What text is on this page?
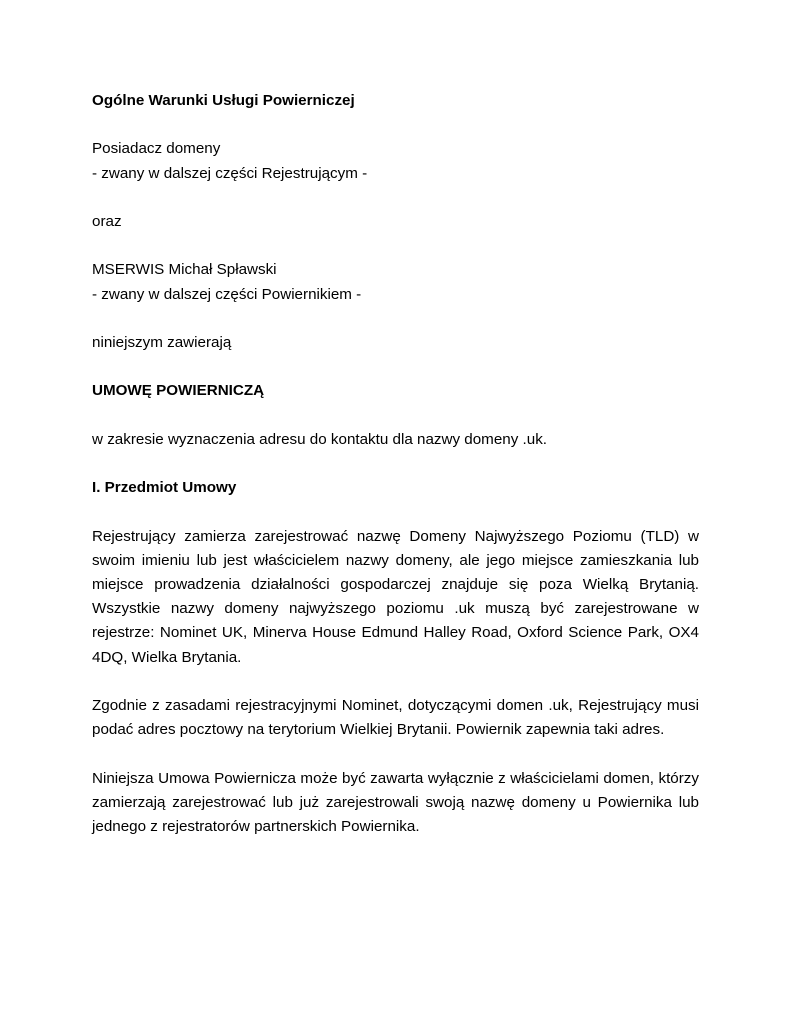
Ogólne Warunki Usługi Powierniczej

Posiadacz domeny

- zwany w dalszej części Rejestrującym -

oraz

MSERWIS Michał Spławski

- zwany w dalszej części Powiernikiem -

niniejszym zawierają

UMOWĘ POWIERNICZĄ

w zakresie wyznaczenia adresu do kontaktu dla nazwy domeny .uk.

I. Przedmiot Umowy

Rejestrujący zamierza zarejestrować nazwę Domeny Najwyższego Poziomu (TLD) w swoim imieniu lub jest właścicielem nazwy domeny, ale jego miejsce zamieszkania lub miejsce prowadzenia działalności gospodarczej znajduje się poza Wielką Brytanią. Wszystkie nazwy domeny najwyższego poziomu .uk muszą być zarejestrowane w rejestrze: Nominet UK, Minerva House Edmund Halley Road, Oxford Science Park, OX4 4DQ, Wielka Brytania.

Zgodnie z zasadami rejestracyjnymi Nominet, dotyczącymi domen .uk, Rejestrujący musi podać adres pocztowy na terytorium Wielkiej Brytanii. Powiernik zapewnia taki adres.

Niniejsza Umowa Powiernicza może być zawarta wyłącznie z właścicielami domen, którzy zamierzają zarejestrować lub już zarejestrowali swoją nazwę domeny u Powiernika lub jednego z rejestratorów partnerskich Powiernika.
